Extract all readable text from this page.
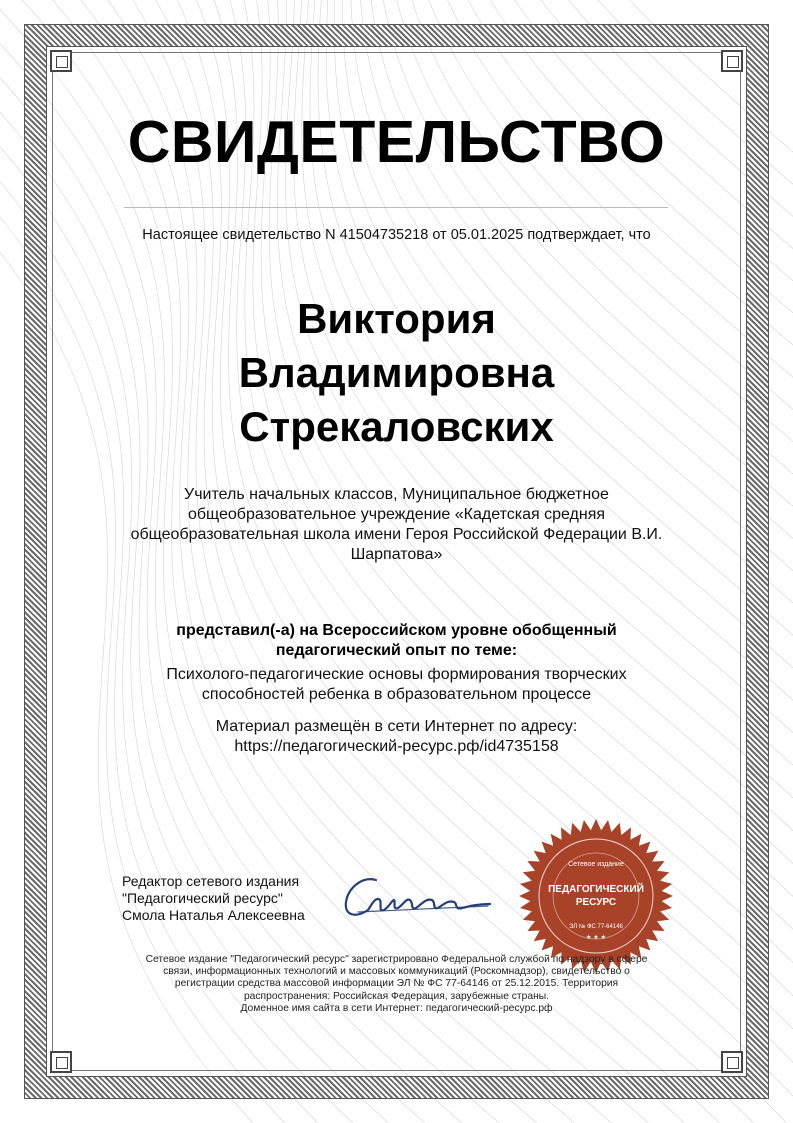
СВИДЕТЕЛЬСТВО
Настоящее свидетельство N 41504735218 от 05.01.2025 подтверждает, что
Виктория
Владимировна
Стрекаловских
Учитель начальных классов, Муниципальное бюджетное
общеобразовательное учреждение «Кадетская средняя
общеобразовательная школа имени Героя Российской Федерации В.И.
Шарпатова»
представил(-а) на Всероссийском уровне обобщенный
педагогический опыт по теме:
Психолого-педагогические основы формирования творческих
способностей ребенка в образовательном процессе
Материал размещён в сети Интернет по адресу:
https://педагогический-ресурс.рф/id4735158
Редактор сетевого издания
"Педагогический ресурс"
Смола Наталья Алексеевна
Сетевое издание
ПЕДАГОГИЧЕСКИЙ
РЕСУРС
ЭЛ № ФС 77-64146
★ ★ ★
Сетевое издание "Педагогический ресурс" зарегистрировано Федеральной службой по надзору в сфере
связи, информационных технологий и массовых коммуникаций (Роскомнадзор), свидетельство о
регистрации средства массовой информации ЭЛ № ФС 77-64146 от 25.12.2015. Территория
распространения: Российская Федерация, зарубежные страны.
Доменное имя сайта в сети Интернет: педагогический-ресурс.рф
